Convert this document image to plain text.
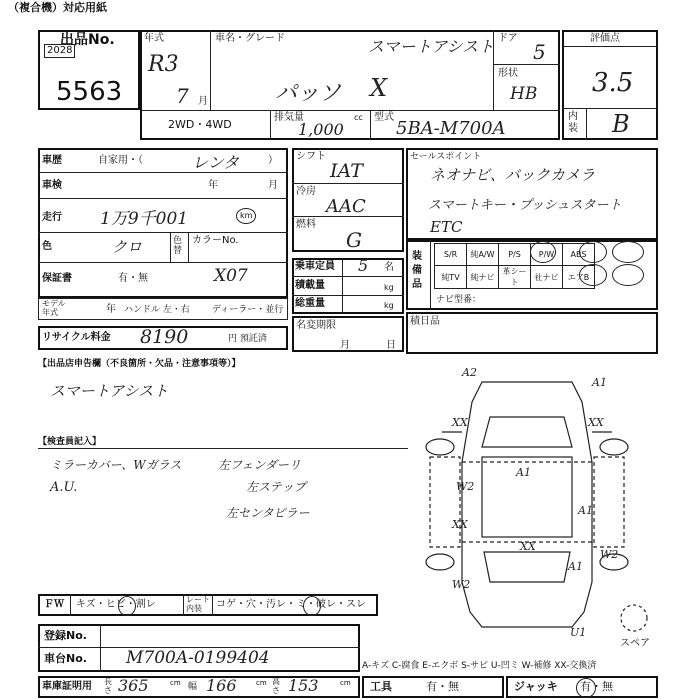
（複合機）対応用紙
出品No.
2028
5563
年式
R3
7 月
車名・グレード	スマートアシスト
パッソ X
ドア
5
形状
HB
2WD・4WD
排気量	cc
1,000
型式
5BA-M700A
評価点
3.5
内装 B
車歴	自家用・（	レンタ	）
車検	年	月
走行 1万9千001	km
色	クロ	色替
カラーNo.
X07
保証書	有・無
モデル年式	年 ハンドル 左・右 ディーラー・並行
リサイクル料金 8190	円 預託済
シフト
IAT
冷房
AAC
燃料
G
乗車定員 5 名
積載量	kg
総重量	kg
名変期限
月	日
セールスポイント
ネオナビ、バックカメラ
スマートキー・プッシュスタート
ETC
装備品
S/R	純A/W	P/S	P/W	ABS
純TV	純ナビ	革シート	社ナビ	エアB
ナビ型番：
積日品
【出品店申告欄（不良箇所・欠品・注意事項等）】
スマートアシスト
【検査員記入】
ミラーカバー、Wガラス
A.U.
左フェンダーリ
左ステップ
左センタピラー
A2
A1
XX	XX
A1
W2
A1
XX
W2
A1
XX
W2
U1
スペア
A-キズ C-腐食 E-エクボ S-サビ U-凹ミ W-補修 XX-交換済
ＦＷ キズ・ヒビ・割レ	レート内装	コゲ・穴・汚レ・ミ・破レ・スレ
登録No.
車台No. M700A-0199404
車庫証明用 長さ 365	cm 幅 166	cm 高さ 153	cm 工具	有・無	ジャッキ 有・無
